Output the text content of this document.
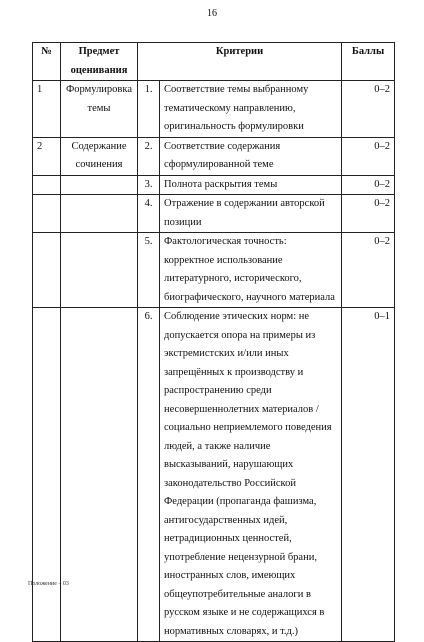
16
№	Предмет оценивания	Критерии		Баллы
1	Формулировка темы	1.	Соответствие темы выбранному тематическому направлению, оригинальность формулировки	0–2
2	Содержание сочинения	2.	Соответствие содержания сформулированной теме	0–2
		3.	Полнота раскрытия темы	0–2
		4.	Отражение в содержании авторской позиции	0–2
		5.	Фактологическая точность: корректное использование литературного, исторического, биографического, научного материала	0–2
		6.	Соблюдение этических норм: не допускается опора на примеры из экстремистских и/или иных запрещённых к производству и распространению среди несовершеннолетних материалов / социально неприемлемого поведения людей, а также наличие высказываний, нарушающих законодательство Российской Федерации (пропаганда фашизма, антигосударственных идей, нетрадиционных ценностей, употребление нецензурной брани, иностранных слов, имеющих общеупотребительные аналоги в русском языке и не содержащихся в нормативных словарях, и т.д.)	0–1
Положение – 03
